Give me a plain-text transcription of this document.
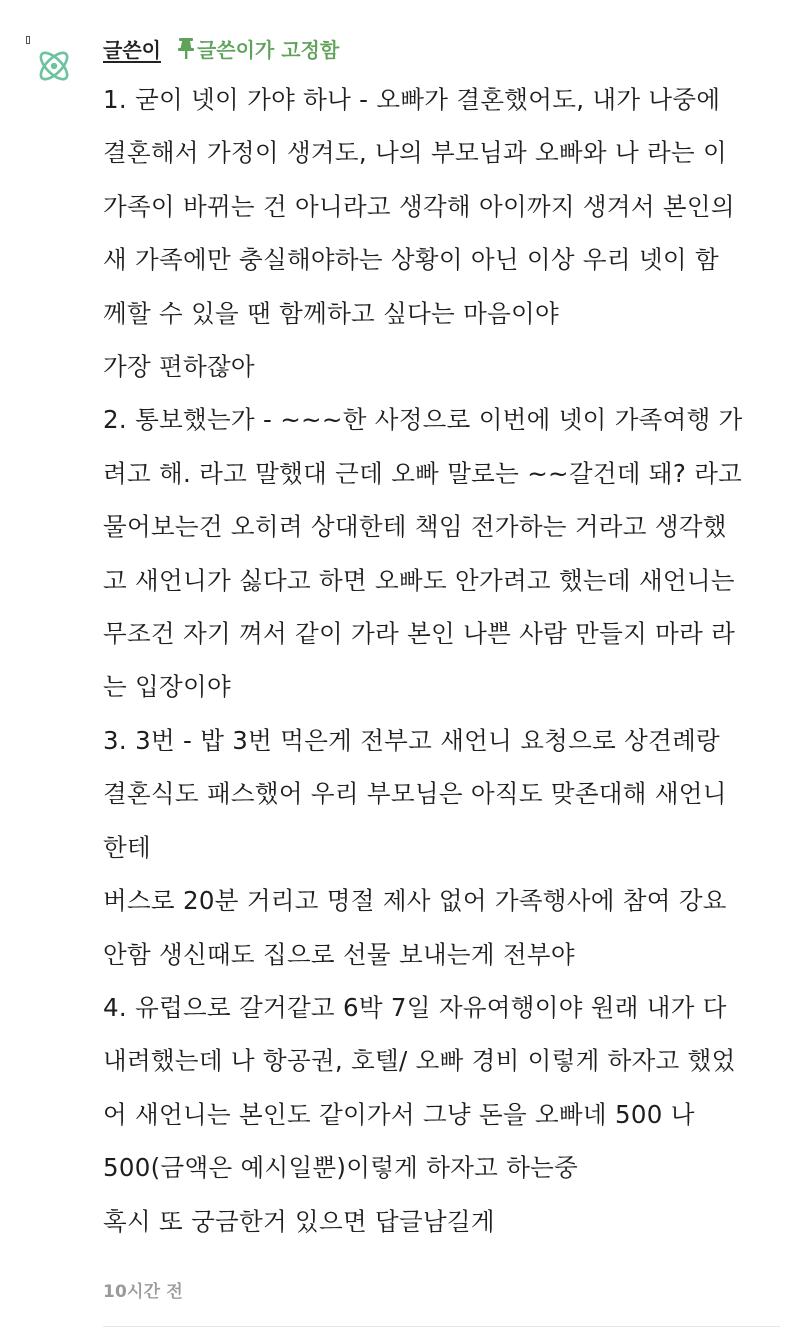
글쓴이 글쓴이가 고정함
1. 굳이 넷이 가야 하나 - 오빠가 결혼했어도, 내가 나중에
결혼해서 가정이 생겨도, 나의 부모님과 오빠와 나 라는 이
가족이 바뀌는 건 아니라고 생각해 아이까지 생겨서 본인의
새 가족에만 충실해야하는 상황이 아닌 이상 우리 넷이 함
께할 수 있을 땐 함께하고 싶다는 마음이야
가장 편하잖아
2. 통보했는가 - ~~~한 사정으로 이번에 넷이 가족여행 가
려고 해. 라고 말했대 근데 오빠 말로는 ~~갈건데 돼? 라고
물어보는건 오히려 상대한테 책임 전가하는 거라고 생각했
고 새언니가 싫다고 하면 오빠도 안가려고 했는데 새언니는
무조건 자기 껴서 같이 가라 본인 나쁜 사람 만들지 마라 라
는 입장이야
3. 3번 - 밥 3번 먹은게 전부고 새언니 요청으로 상견례랑
결혼식도 패스했어 우리 부모님은 아직도 맞존대해 새언니
한테
버스로 20분 거리고 명절 제사 없어 가족행사에 참여 강요
안함 생신때도 집으로 선물 보내는게 전부야
4. 유럽으로 갈거같고 6박 7일 자유여행이야 원래 내가 다
내려했는데 나 항공권, 호텔/ 오빠 경비 이렇게 하자고 했었
어 새언니는 본인도 같이가서 그냥 돈을 오빠네 500 나
500(금액은 예시일뿐)이렇게 하자고 하는중
혹시 또 궁금한거 있으면 답글남길게
10시간 전
